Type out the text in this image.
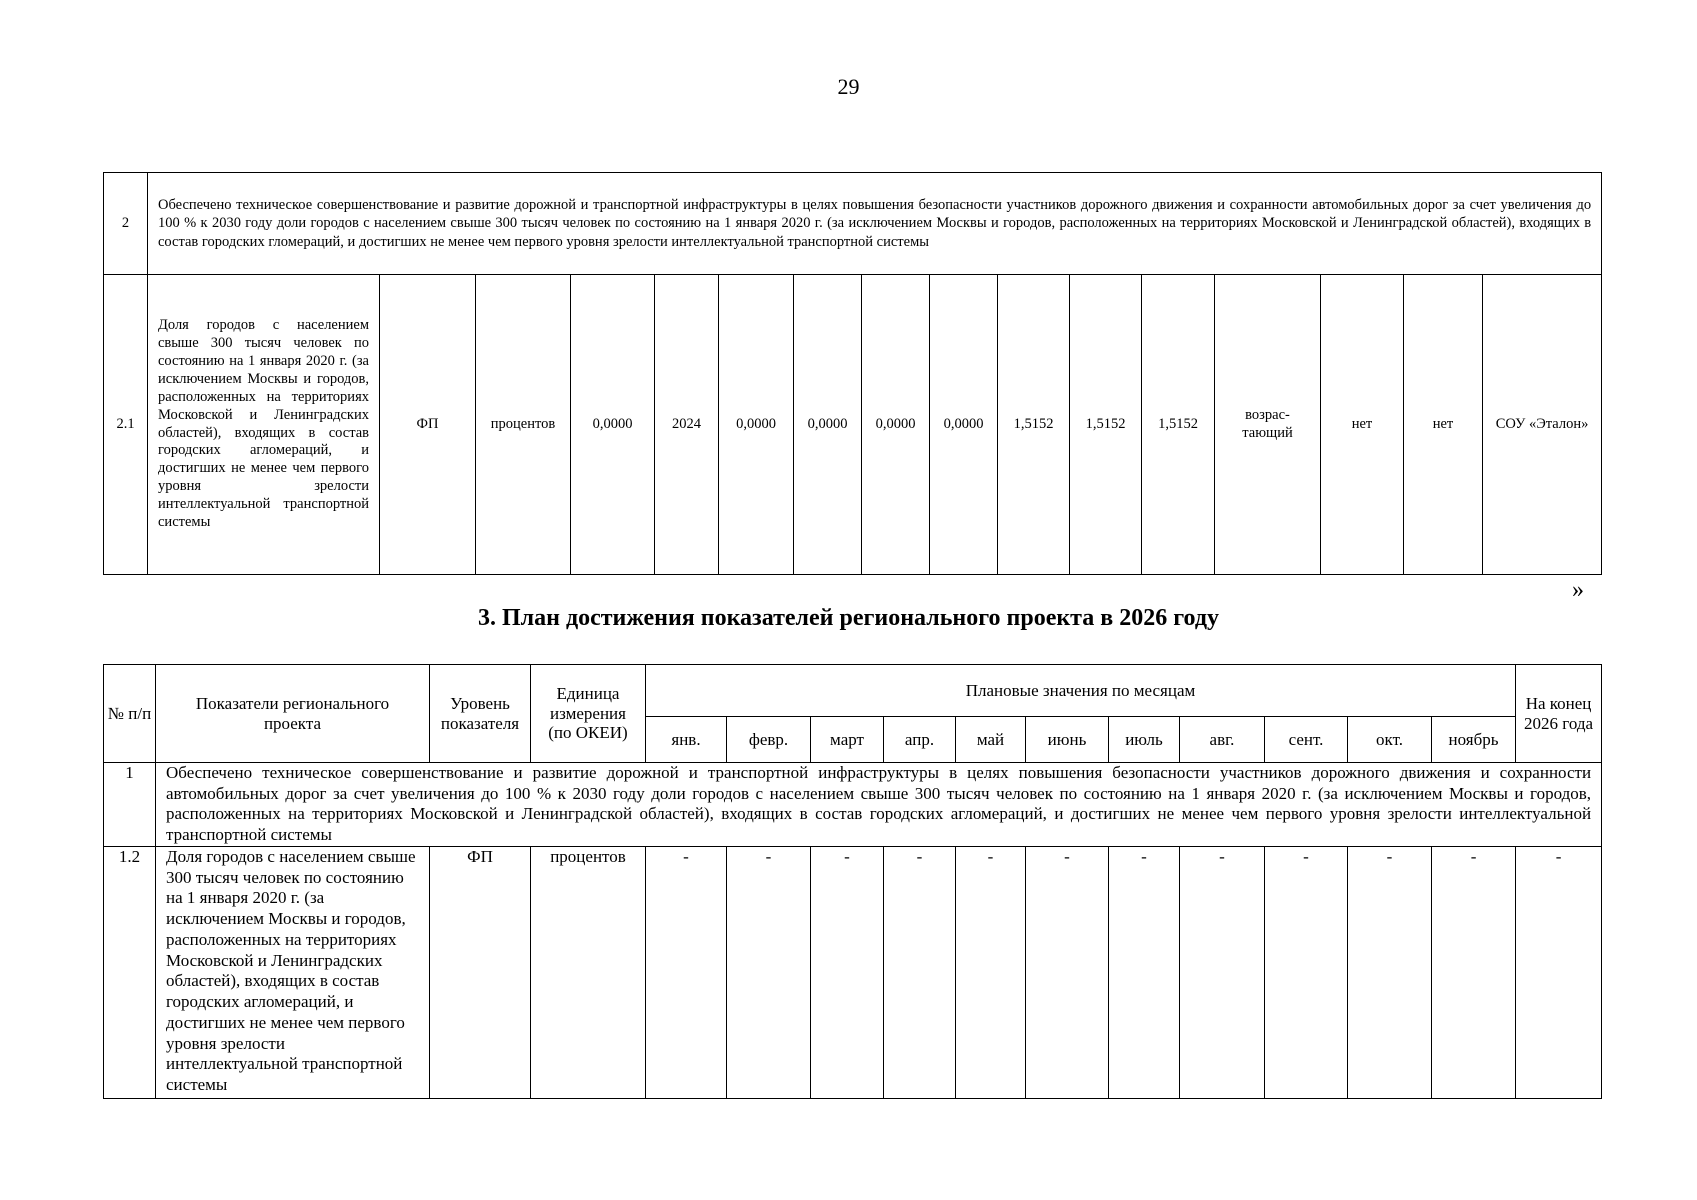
29
2	Обеспечено техническое совершенствование и развитие дорожной и транспортной инфраструктуры в целях повышения безопасности участников дорожного движения и сохранности автомобильных дорог за счет увеличения до 100 % к 2030 году доли городов с населением свыше 300 тысяч человек по состоянию на 1 января 2020 г. (за исключением Москвы и городов, расположенных на территориях Московской и Ленинградской областей), входящих в состав городских гломераций, и достигших не менее чем первого уровня зрелости интеллектуальной транспортной системы															
2.1	Доля городов с населением свыше 300 тысяч человек по состоянию на 1 января 2020 г. (за исключением Москвы и городов, расположенных на территориях Московской и Ленинградских областей), входящих в состав городских агломераций, и достигших не менее чем первого уровня зрелости интеллектуальной транспортной системы	ФП	процентов	0,0000	2024	0,0000	0,0000	0,0000	0,0000	1,5152	1,5152	1,5152	возрас-тающий	нет	нет	СОУ «Эталон»
»
3. План достижения показателей регионального проекта в 2026 году
№ п/п	Показатели регионального проекта	Уровень показателя	Единица измерения (по ОКЕИ)	Плановые значения по месяцам											На конец 2026 года
				янв.	февр.	март	апр.	май	июнь	июль	авг.	сент.	окт.	ноябрь	
1	Обеспечено техническое совершенствование и развитие дорожной и транспортной инфраструктуры в целях повышения безопасности участников дорожного движения и сохранности автомобильных дорог за счет увеличения до 100 % к 2030 году доли городов с населением свыше 300 тысяч человек по состоянию на 1 января 2020 г. (за исключением Москвы и городов, расположенных на территориях Московской и Ленинградской областей), входящих в состав городских агломераций, и достигших не менее чем первого уровня зрелости интеллектуальной транспортной системы														
1.2	Доля городов с населением свыше 300 тысяч человек по состоянию на 1 января 2020 г. (за исключением Москвы и городов, расположенных на территориях Московской и Ленинградских областей), входящих в состав городских агломераций, и достигших не менее чем первого уровня зрелости интеллектуальной транспортной системы	ФП	процентов	-	-	-	-	-	-	-	-	-	-	-	-
